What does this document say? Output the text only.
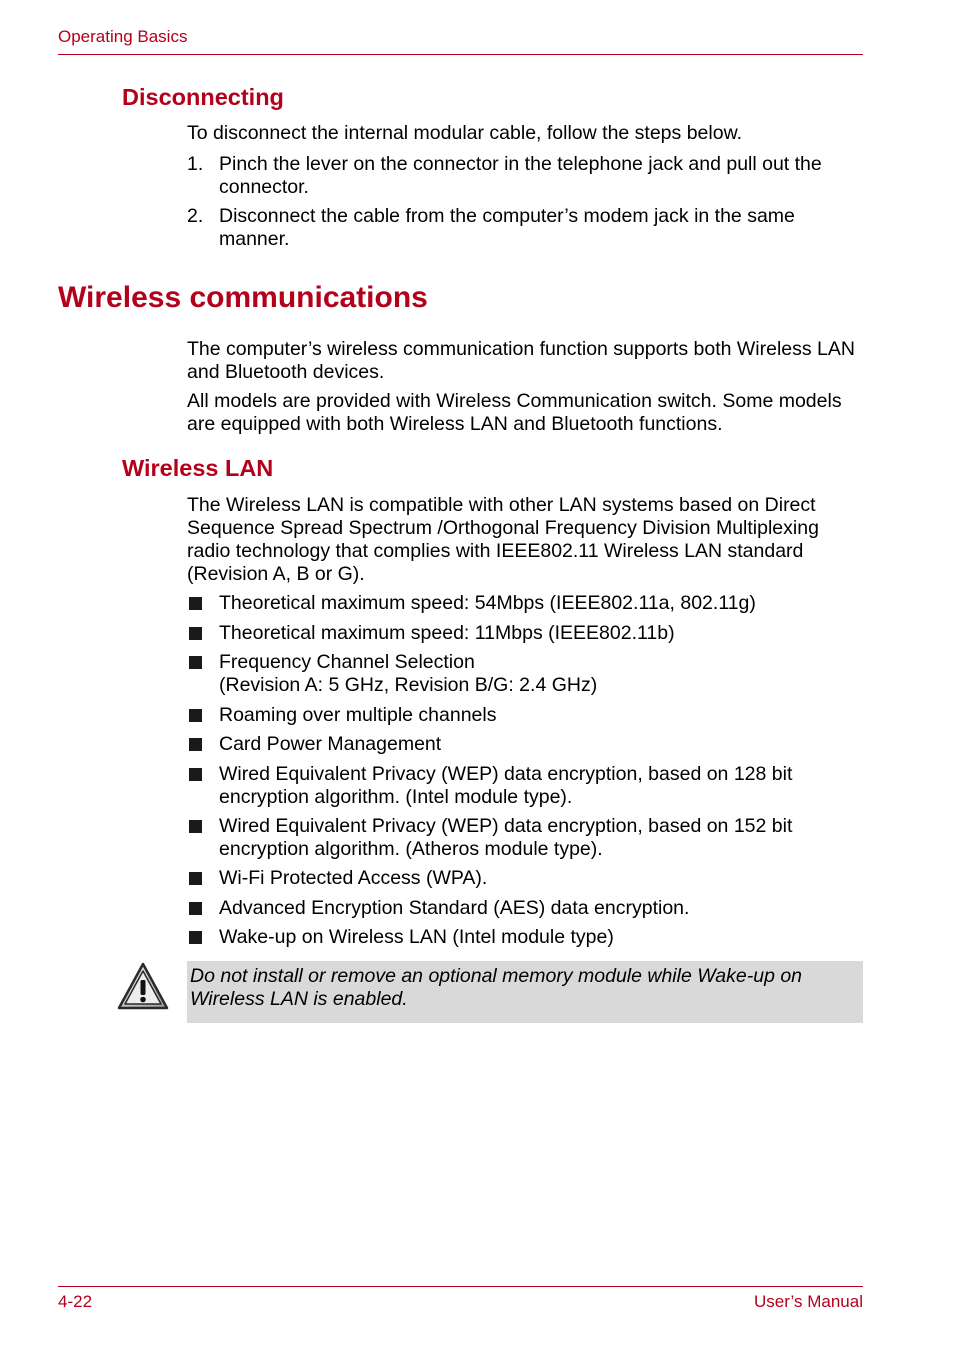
Operating Basics
Disconnecting
To disconnect the internal modular cable, follow the steps below.
1. Pinch the lever on the connector in the telephone jack and pull out the connector.
2. Disconnect the cable from the computer’s modem jack in the same manner.
Wireless communications
The computer’s wireless communication function supports both Wireless LAN and Bluetooth devices.
All models are provided with Wireless Communication switch. Some models are equipped with both Wireless LAN and Bluetooth functions.
Wireless LAN
The Wireless LAN is compatible with other LAN systems based on Direct Sequence Spread Spectrum /Orthogonal Frequency Division Multiplexing radio technology that complies with IEEE802.11 Wireless LAN standard (Revision A, B or G).
Theoretical maximum speed: 54Mbps (IEEE802.11a, 802.11g)
Theoretical maximum speed: 11Mbps (IEEE802.11b)
Frequency Channel Selection
(Revision A: 5 GHz, Revision B/G: 2.4 GHz)
Roaming over multiple channels
Card Power Management
Wired Equivalent Privacy (WEP) data encryption, based on 128 bit encryption algorithm. (Intel module type).
Wired Equivalent Privacy (WEP) data encryption, based on 152 bit encryption algorithm. (Atheros module type).
Wi-Fi Protected Access (WPA).
Advanced Encryption Standard (AES) data encryption.
Wake-up on Wireless LAN (Intel module type)
Do not install or remove an optional memory module while Wake-up on Wireless LAN is enabled.
4-22	User’s Manual
